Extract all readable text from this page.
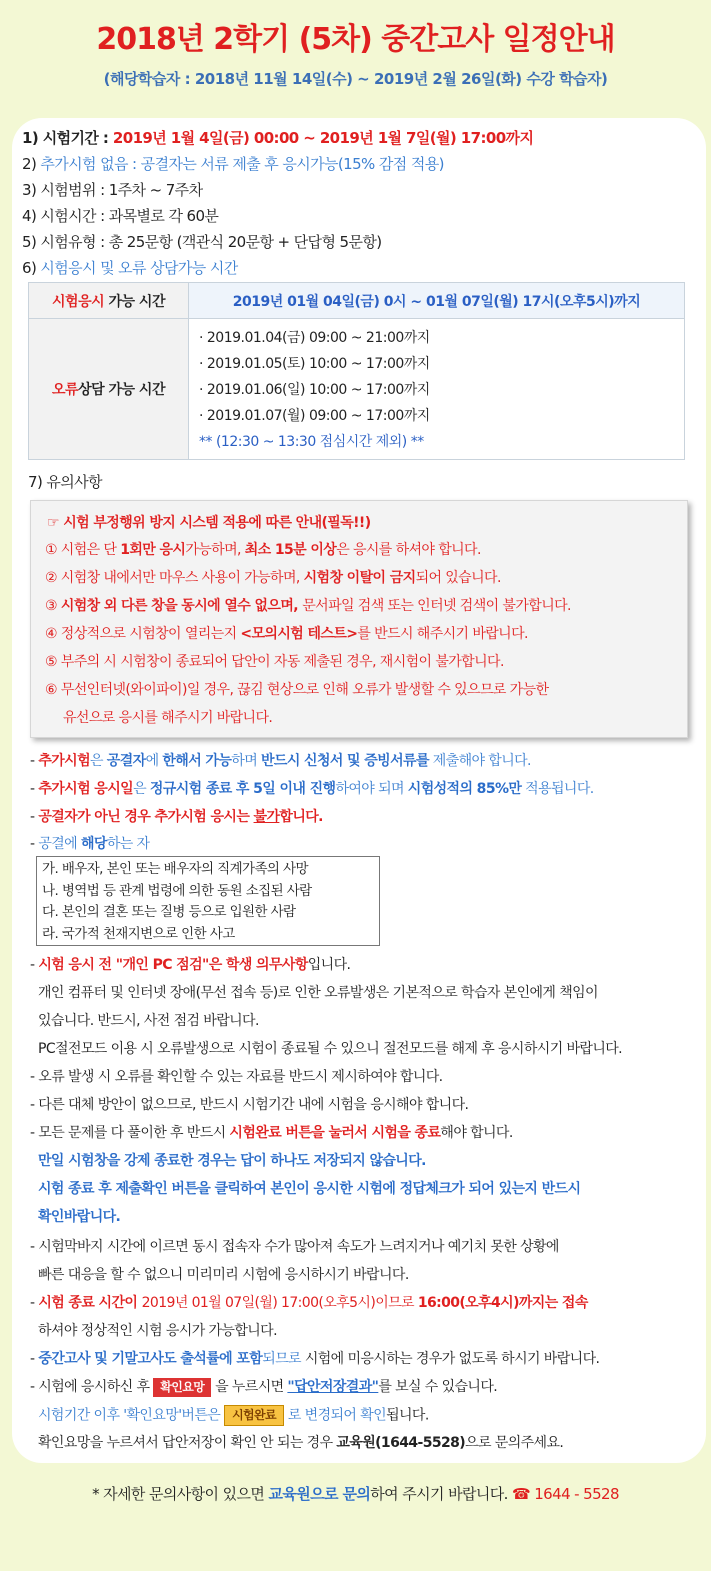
2018년 2학기 (5차) 중간고사 일정안내
(해당학습자 : 2018년 11월 14일(수) ~ 2019년 2월 26일(화) 수강 학습자)
1) 시험기간 : 2019년 1월 4일(금) 00:00 ~ 2019년 1월 7일(월) 17:00까지
2) 추가시험 없음 : 공결자는 서류 제출 후 응시가능(15% 감점 적용)
3) 시험범위 : 1주차 ~ 7주차
4) 시험시간 : 과목별로 각 60분
5) 시험유형 : 총 25문항 (객관식 20문항 + 단답형 5문항)
6) 시험응시 및 오류 상담가능 시간
시험응시 가능 시간	2019년 01월 04일(금) 0시 ~ 01월 07일(월) 17시(오후5시)까지
오류상담 가능 시간	· 2019.01.04(금) 09:00 ~ 21:00까지
· 2019.01.05(토) 10:00 ~ 17:00까지
· 2019.01.06(일) 10:00 ~ 17:00까지
· 2019.01.07(월) 09:00 ~ 17:00까지
** (12:30 ~ 13:30 점심시간 제외) **
7) 유의사항
☞ 시험 부정행위 방지 시스템 적용에 따른 안내(필독!!)
① 시험은 단 1회만 응시가능하며, 최소 15분 이상은 응시를 하셔야 합니다.
② 시험창 내에서만 마우스 사용이 가능하며, 시험창 이탈이 금지되어 있습니다.
③ 시험창 외 다른 창을 동시에 열수 없으며, 문서파일 검색 또는 인터넷 검색이 불가합니다.
④ 정상적으로 시험창이 열리는지 <모의시험 테스트>를 반드시 해주시기 바랍니다.
⑤ 부주의 시 시험창이 종료되어 답안이 자동 제출된 경우, 재시험이 불가합니다.
⑥ 무선인터넷(와이파이)일 경우, 끊김 현상으로 인해 오류가 발생할 수 있으므로 가능한
유선으로 응시를 해주시기 바랍니다.
- 추가시험은 공결자에 한해서 가능하며 반드시 신청서 및 증빙서류를 제출해야 합니다.
- 추가시험 응시일은 정규시험 종료 후 5일 이내 진행하여야 되며 시험성적의 85%만 적용됩니다.
- 공결자가 아닌 경우 추가시험 응시는 불가합니다.
- 공결에 해당하는 자
가. 배우자, 본인 또는 배우자의 직계가족의 사망
나. 병역법 등 관계 법령에 의한 동원 소집된 사람
다. 본인의 결혼 또는 질병 등으로 입원한 사람
라. 국가적 천재지변으로 인한 사고
- 시험 응시 전 "개인 PC 점검"은 학생 의무사항입니다.
개인 컴퓨터 및 인터넷 장애(무선 접속 등)로 인한 오류발생은 기본적으로 학습자 본인에게 책임이
있습니다. 반드시, 사전 점검 바랍니다.
PC절전모드 이용 시 오류발생으로 시험이 종료될 수 있으니 절전모드를 해제 후 응시하시기 바랍니다.
- 오류 발생 시 오류를 확인할 수 있는 자료를 반드시 제시하여야 합니다.
- 다른 대체 방안이 없으므로, 반드시 시험기간 내에 시험을 응시해야 합니다.
- 모든 문제를 다 풀이한 후 반드시 시험완료 버튼을 눌러서 시험을 종료해야 합니다.
만일 시험창을 강제 종료한 경우는 답이 하나도 저장되지 않습니다.
시험 종료 후 제출확인 버튼을 클릭하여 본인이 응시한 시험에 정답체크가 되어 있는지 반드시
확인바랍니다.
- 시험막바지 시간에 이르면 동시 접속자 수가 많아져 속도가 느려지거나 예기치 못한 상황에
빠른 대응을 할 수 없으니 미리미리 시험에 응시하시기 바랍니다.
- 시험 종료 시간이 2019년 01월 07일(월) 17:00(오후5시)이므로 16:00(오후4시)까지는 접속
하셔야 정상적인 시험 응시가 가능합니다.
- 중간고사 및 기말고사도 출석률에 포함되므로 시험에 미응시하는 경우가 없도록 하시기 바랍니다.
- 시험에 응시하신 후 확인요망 을 누르시면 "답안저장결과"를 보실 수 있습니다.
시험기간 이후 '확인요망'버튼은 시험완료 로 변경되어 확인됩니다.
확인요망을 누르셔서 답안저장이 확인 안 되는 경우 교육원(1644-5528)으로 문의주세요.
* 자세한 문의사항이 있으면 교육원으로 문의하여 주시기 바랍니다. ☎ 1644 - 5528
